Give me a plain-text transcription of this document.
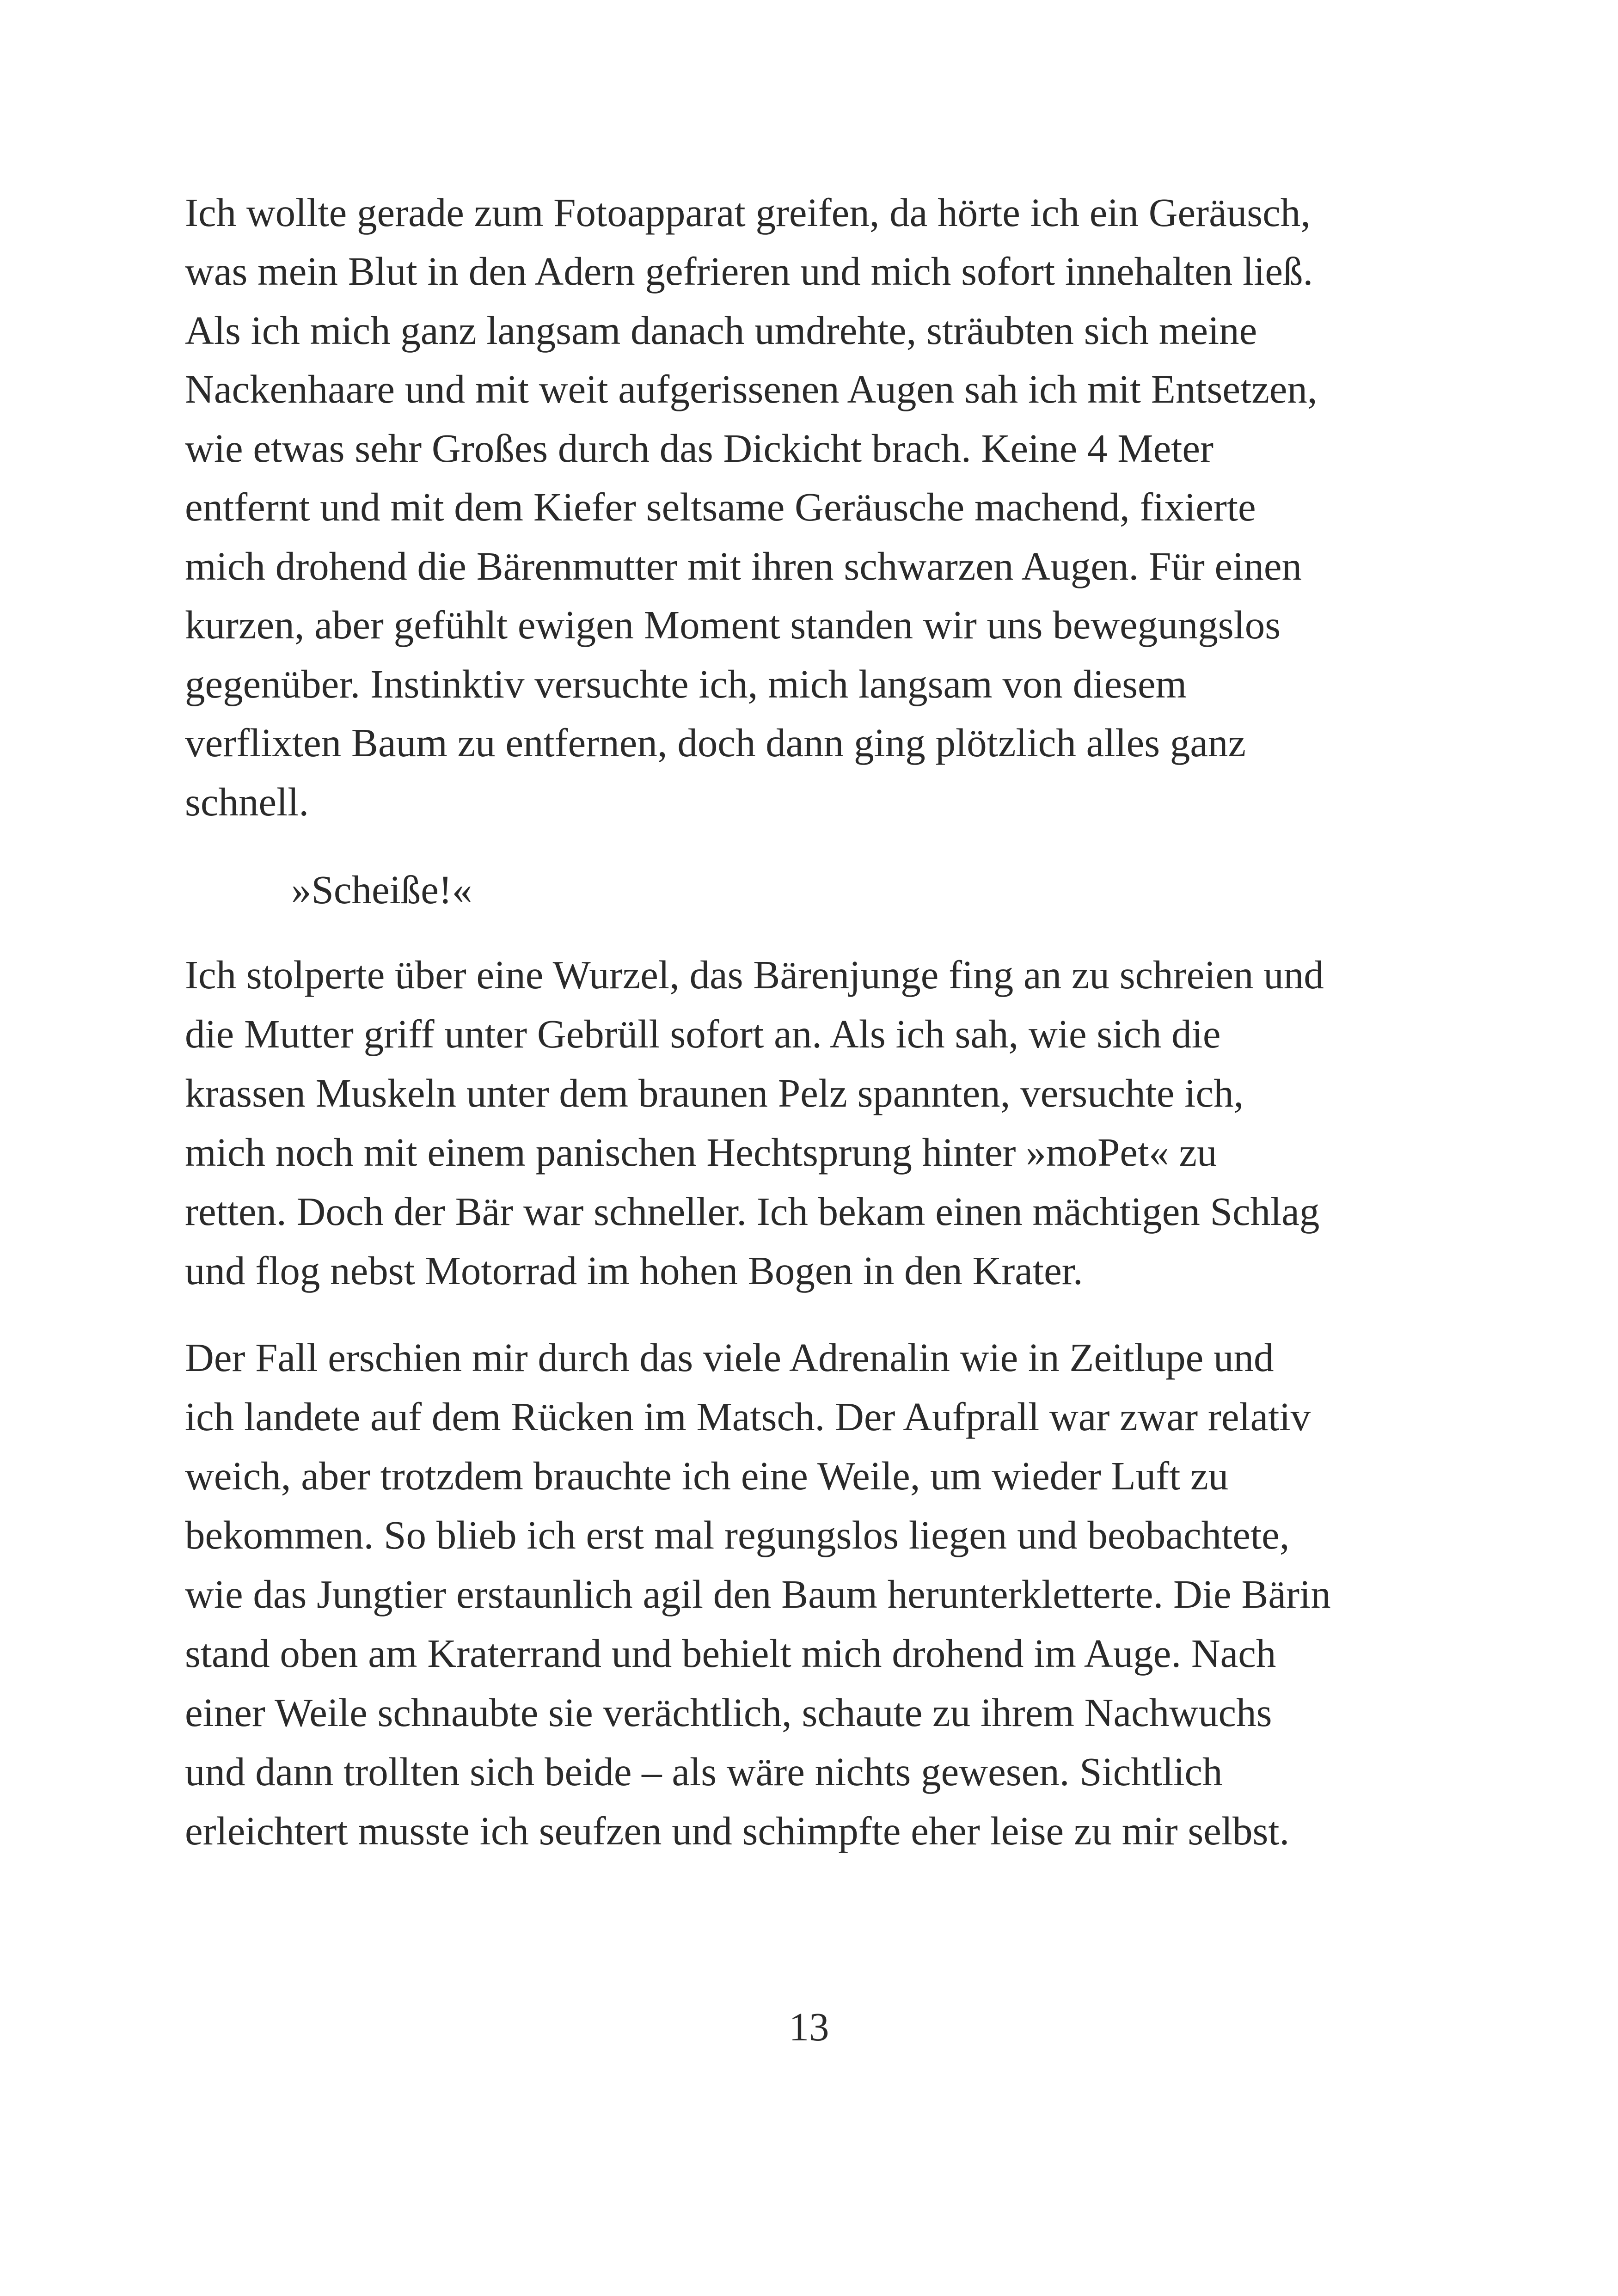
Ich wollte gerade zum Fotoapparat greifen, da hörte ich ein Geräusch,

was mein Blut in den Adern gefrieren und mich sofort innehalten ließ.

Als ich mich ganz langsam danach umdrehte, sträubten sich meine

Nackenhaare und mit weit aufgerissenen Augen sah ich mit Entsetzen,

wie etwas sehr Großes durch das Dickicht brach. Keine 4 Meter

entfernt und mit dem Kiefer seltsame Geräusche machend, fixierte

mich drohend die Bärenmutter mit ihren schwarzen Augen. Für einen

kurzen, aber gefühlt ewigen Moment standen wir uns bewegungslos

gegenüber. Instinktiv versuchte ich, mich langsam von diesem

verflixten Baum zu entfernen, doch dann ging plötzlich alles ganz

schnell.

»Scheiße!«

Ich stolperte über eine Wurzel, das Bärenjunge fing an zu schreien und

die Mutter griff unter Gebrüll sofort an. Als ich sah, wie sich die

krassen Muskeln unter dem braunen Pelz spannten, versuchte ich,

mich noch mit einem panischen Hechtsprung hinter »moPet« zu

retten. Doch der Bär war schneller. Ich bekam einen mächtigen Schlag

und flog nebst Motorrad im hohen Bogen in den Krater.

Der Fall erschien mir durch das viele Adrenalin wie in Zeitlupe und

ich landete auf dem Rücken im Matsch. Der Aufprall war zwar relativ

weich, aber trotzdem brauchte ich eine Weile, um wieder Luft zu

bekommen. So blieb ich erst mal regungslos liegen und beobachtete,

wie das Jungtier erstaunlich agil den Baum herunterkletterte. Die Bärin

stand oben am Kraterrand und behielt mich drohend im Auge. Nach

einer Weile schnaubte sie verächtlich, schaute zu ihrem Nachwuchs

und dann trollten sich beide – als wäre nichts gewesen. Sichtlich

erleichtert musste ich seufzen und schimpfte eher leise zu mir selbst.

13
